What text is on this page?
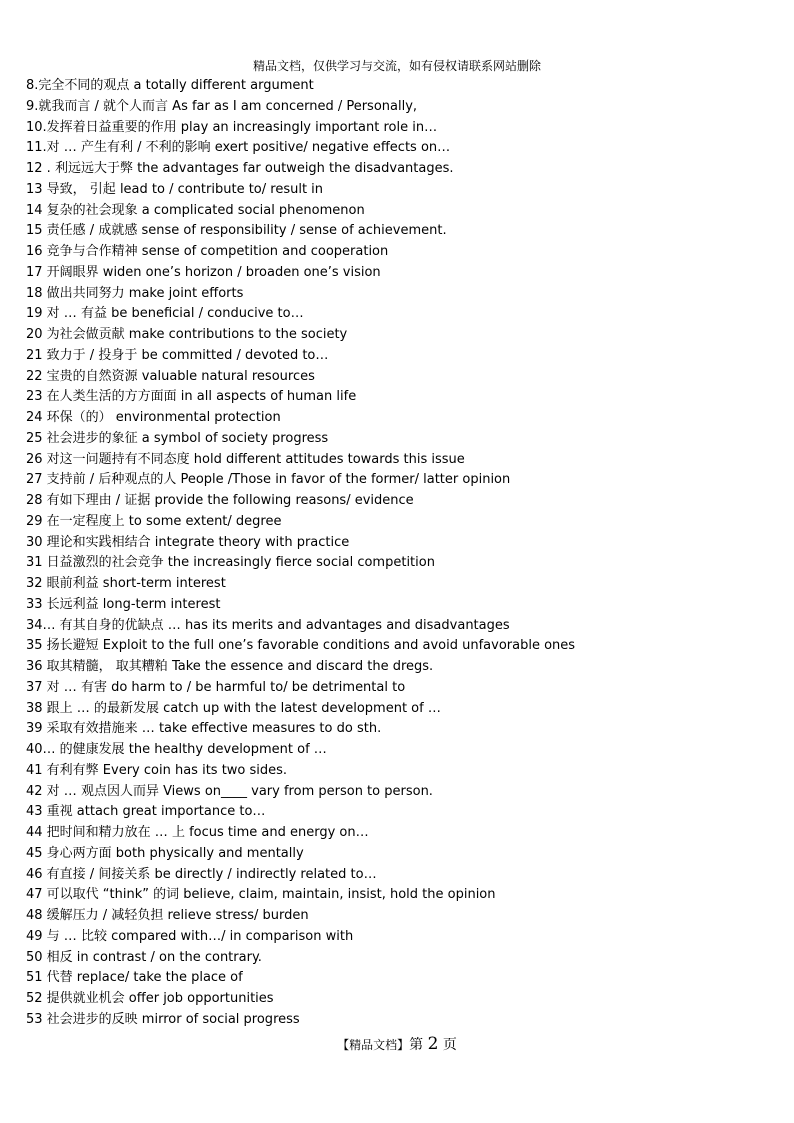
精品文档，仅供学习与交流，如有侵权请联系网站删除
8.完全不同的观点 a totally different argument
9.就我而言 / 就个人而言 As far as I am concerned / Personally,
10.发挥着日益重要的作用 play an increasingly important role in…
11.对 … 产生有利 / 不利的影响 exert positive/ negative effects on…
12 . 利远远大于弊 the advantages far outweigh the disadvantages.
13 导致， 引起 lead to / contribute to/ result in
14 复杂的社会现象 a complicated social phenomenon
15 责任感 / 成就感 sense of responsibility / sense of achievement.
16 竞争与合作精神 sense of competition and cooperation
17 开阔眼界 widen one’s horizon / broaden one’s vision
18 做出共同努力 make joint efforts
19 对 … 有益 be beneficial / conducive to…
20 为社会做贡献 make contributions to the society
21 致力于 / 投身于 be committed / devoted to…
22 宝贵的自然资源 valuable natural resources
23 在人类生活的方方面面 in all aspects of human life
24 环保（的） environmental protection
25 社会进步的象征 a symbol of society progress
26 对这一问题持有不同态度 hold different attitudes towards this issue
27 支持前 / 后种观点的人 People /Those in favor of the former/ latter opinion
28 有如下理由 / 证据 provide the following reasons/ evidence
29 在一定程度上 to some extent/ degree
30 理论和实践相结合 integrate theory with practice
31 日益激烈的社会竞争 the increasingly fierce social competition
32 眼前利益 short-term interest
33 长远利益 long-term interest
34… 有其自身的优缺点 … has its merits and advantages and disadvantages
35 扬长避短 Exploit to the full one’s favorable conditions and avoid unfavorable ones
36 取其精髓， 取其糟粕 Take the essence and discard the dregs.
37 对 … 有害 do harm to / be harmful to/ be detrimental to
38 跟上 … 的最新发展 catch up with the latest development of …
39 采取有效措施来 … take effective measures to do sth.
40… 的健康发展 the healthy development of …
41 有利有弊 Every coin has its two sides.
42 对 … 观点因人而异 Views on____ vary from person to person.
43 重视 attach great importance to…
44 把时间和精力放在 … 上 focus time and energy on…
45 身心两方面 both physically and mentally
46 有直接 / 间接关系 be directly / indirectly related to…
47 可以取代 “think” 的词 believe, claim, maintain, insist, hold the opinion
48 缓解压力 / 减轻负担 relieve stress/ burden
49 与 … 比较 compared with…/ in comparison with
50 相反 in contrast / on the contrary.
51 代替 replace/ take the place of
52 提供就业机会 offer job opportunities
53 社会进步的反映 mirror of social progress
【精品文档】第 2 页
